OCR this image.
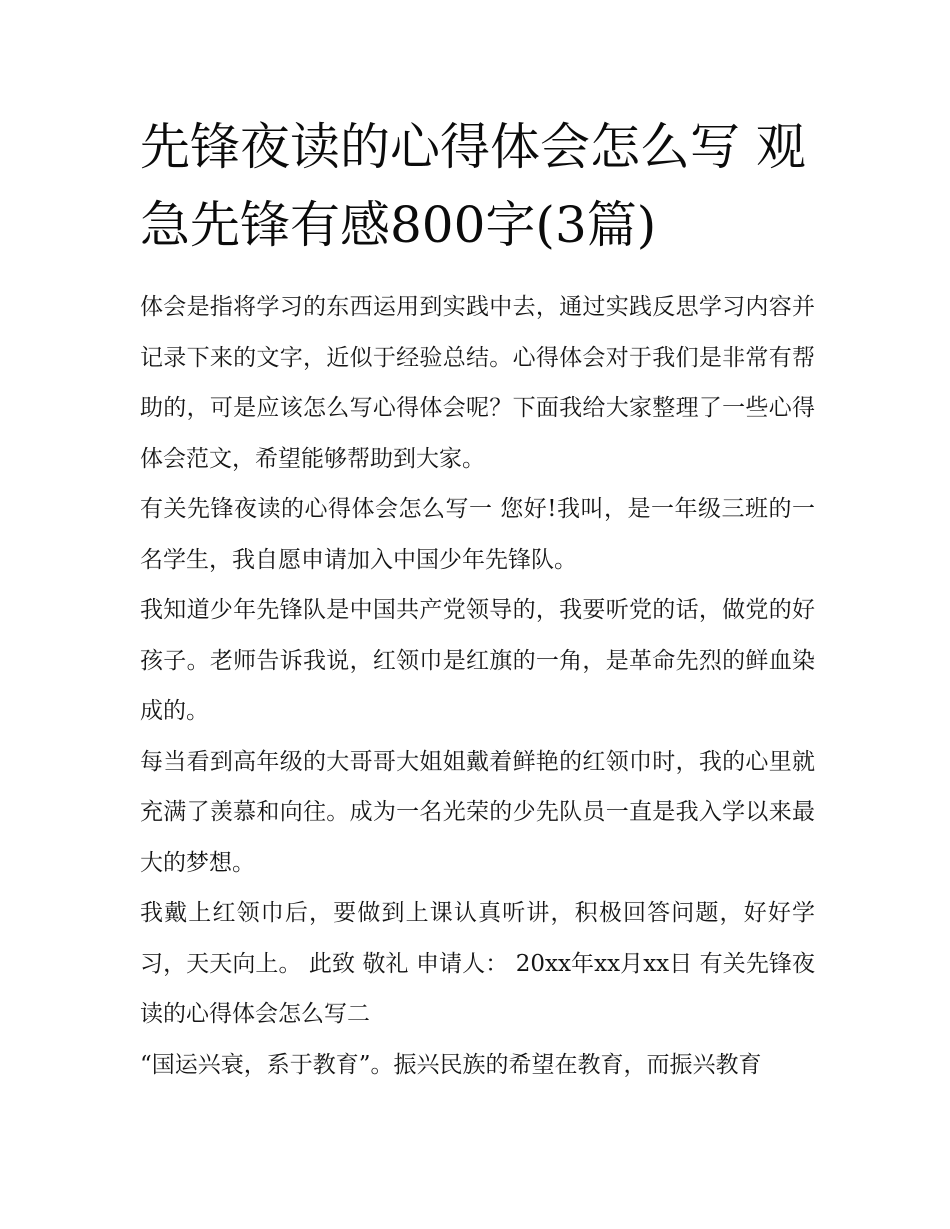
先锋夜读的心得体会怎么写 观急先锋有感800字(3篇)

体会是指将学习的东西运用到实践中去，通过实践反思学习内容并记录下来的文字，近似于经验总结。心得体会对于我们是非常有帮助的，可是应该怎么写心得体会呢？下面我给大家整理了一些心得体会范文，希望能够帮助到大家。

有关先锋夜读的心得体会怎么写一 您好!我叫，是一年级三班的一名学生，我自愿申请加入中国少年先锋队。

我知道少年先锋队是中国共产党领导的，我要听党的话，做党的好孩子。老师告诉我说，红领巾是红旗的一角，是革命先烈的鲜血染成的。

每当看到高年级的大哥哥大姐姐戴着鲜艳的红领巾时，我的心里就充满了羡慕和向往。成为一名光荣的少先队员一直是我入学以来最大的梦想。

我戴上红领巾后，要做到上课认真听讲，积极回答问题，好好学习，天天向上。 此致 敬礼 申请人： 20xx年xx月xx日 有关先锋夜读的心得体会怎么写二

“国运兴衰，系于教育”。振兴民族的希望在教育，而振兴教育
